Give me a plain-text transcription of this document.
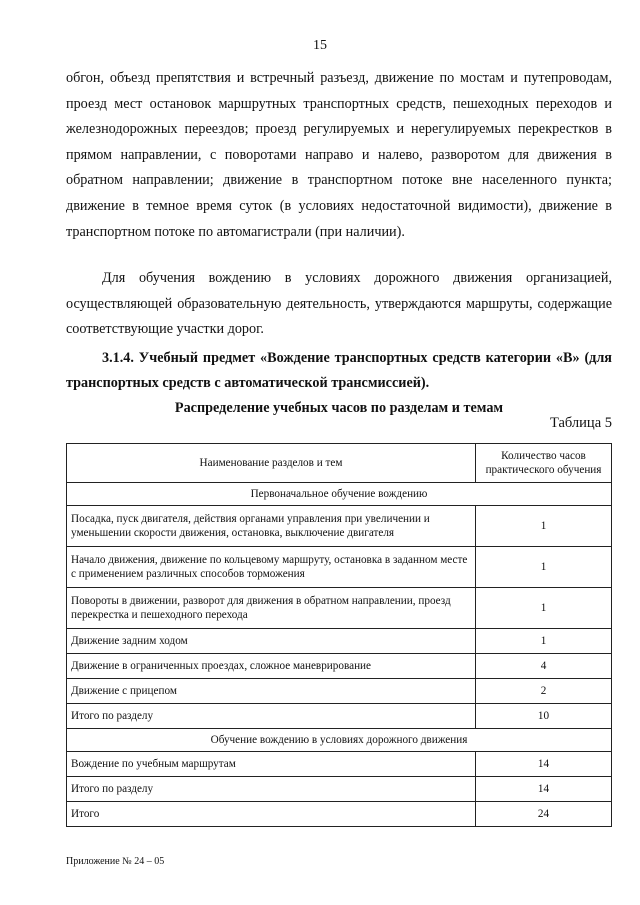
15
обгон, объезд препятствия и встречный разъезд, движение по мостам и путепроводам, проезд мест остановок маршрутных транспортных средств, пешеходных переходов и железнодорожных переездов; проезд регулируемых и нерегулируемых перекрестков в прямом направлении, с поворотами направо и налево, разворотом для движения в обратном направлении; движение в транспортном потоке вне населенного пункта; движение в темное время суток (в условиях недостаточной видимости), движение в транспортном потоке по автомагистрали (при наличии).
Для обучения вождению в условиях дорожного движения организацией, осуществляющей образовательную деятельность, утверждаются маршруты, содержащие соответствующие участки дорог.
3.1.4. Учебный предмет «Вождение транспортных средств категории «В» (для транспортных средств с автоматической трансмиссией).
Распределение учебных часов по разделам и темам
Таблица 5
Наименование разделов и тем	Количество часов практического обучения
Первоначальное обучение вождению	
Посадка, пуск двигателя, действия органами управления при увеличении и уменьшении скорости движения, остановка, выключение двигателя	1
Начало движения, движение по кольцевому маршруту, остановка в заданном месте с применением различных способов торможения	1
Повороты в движении, разворот для движения в обратном направлении, проезд перекрестка и пешеходного перехода	1
Движение задним ходом	1
Движение в ограниченных проездах, сложное маневрирование	4
Движение с прицепом	2
Итого по разделу	10
Обучение вождению в условиях дорожного движения	
Вождение по учебным маршрутам	14
Итого по разделу	14
Итого	24
Приложение № 24 – 05
